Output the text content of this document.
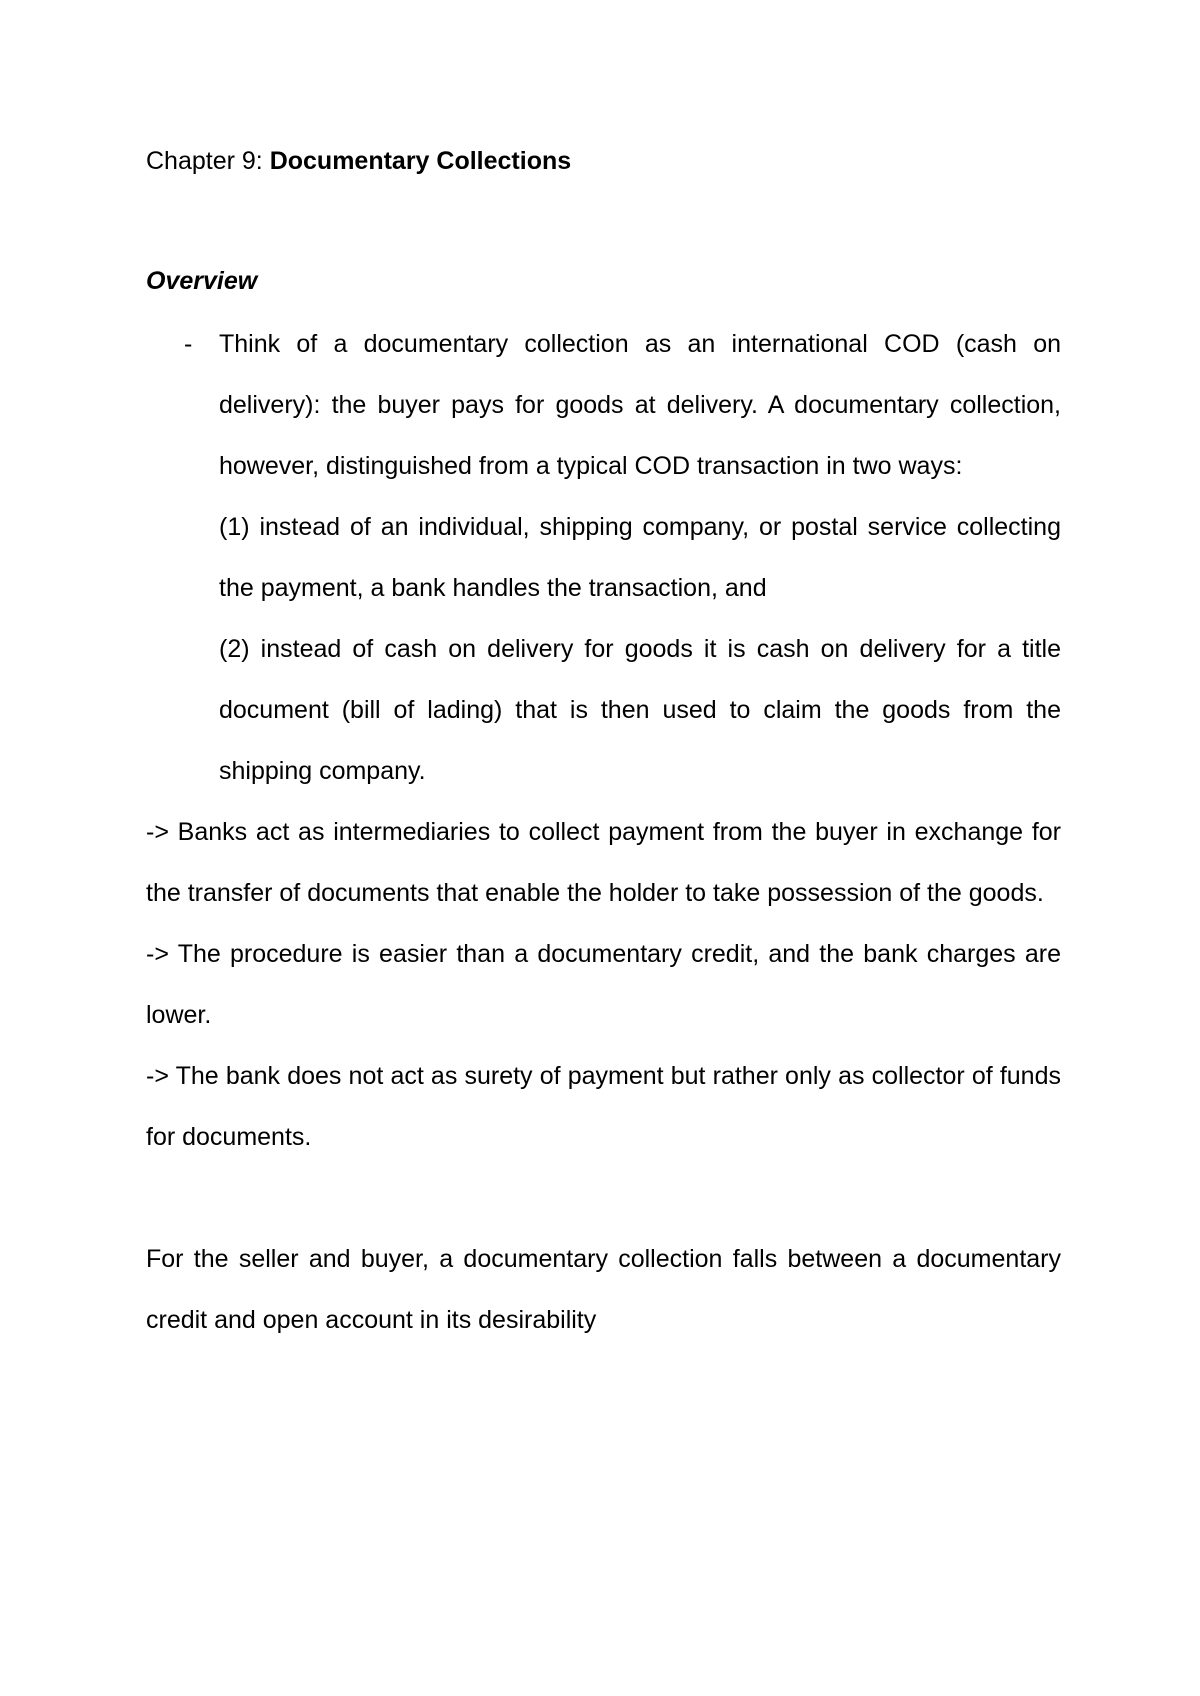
Chapter 9: Documentary Collections
Overview
- Think of a documentary collection as an international COD (cash on delivery): the buyer pays for goods at delivery. A documentary collection, however, distinguished from a typical COD transaction in two ways:

(1) instead of an individual, shipping company, or postal service collecting the payment, a bank handles the transaction, and

(2) instead of cash on delivery for goods it is cash on delivery for a title document (bill of lading) that is then used to claim the goods from the shipping company.

-> Banks act as intermediaries to collect payment from the buyer in exchange for the transfer of documents that enable the holder to take possession of the goods.

-> The procedure is easier than a documentary credit, and the bank charges are lower.

-> The bank does not act as surety of payment but rather only as collector of funds for documents.

For the seller and buyer, a documentary collection falls between a documentary credit and open account in its desirability
